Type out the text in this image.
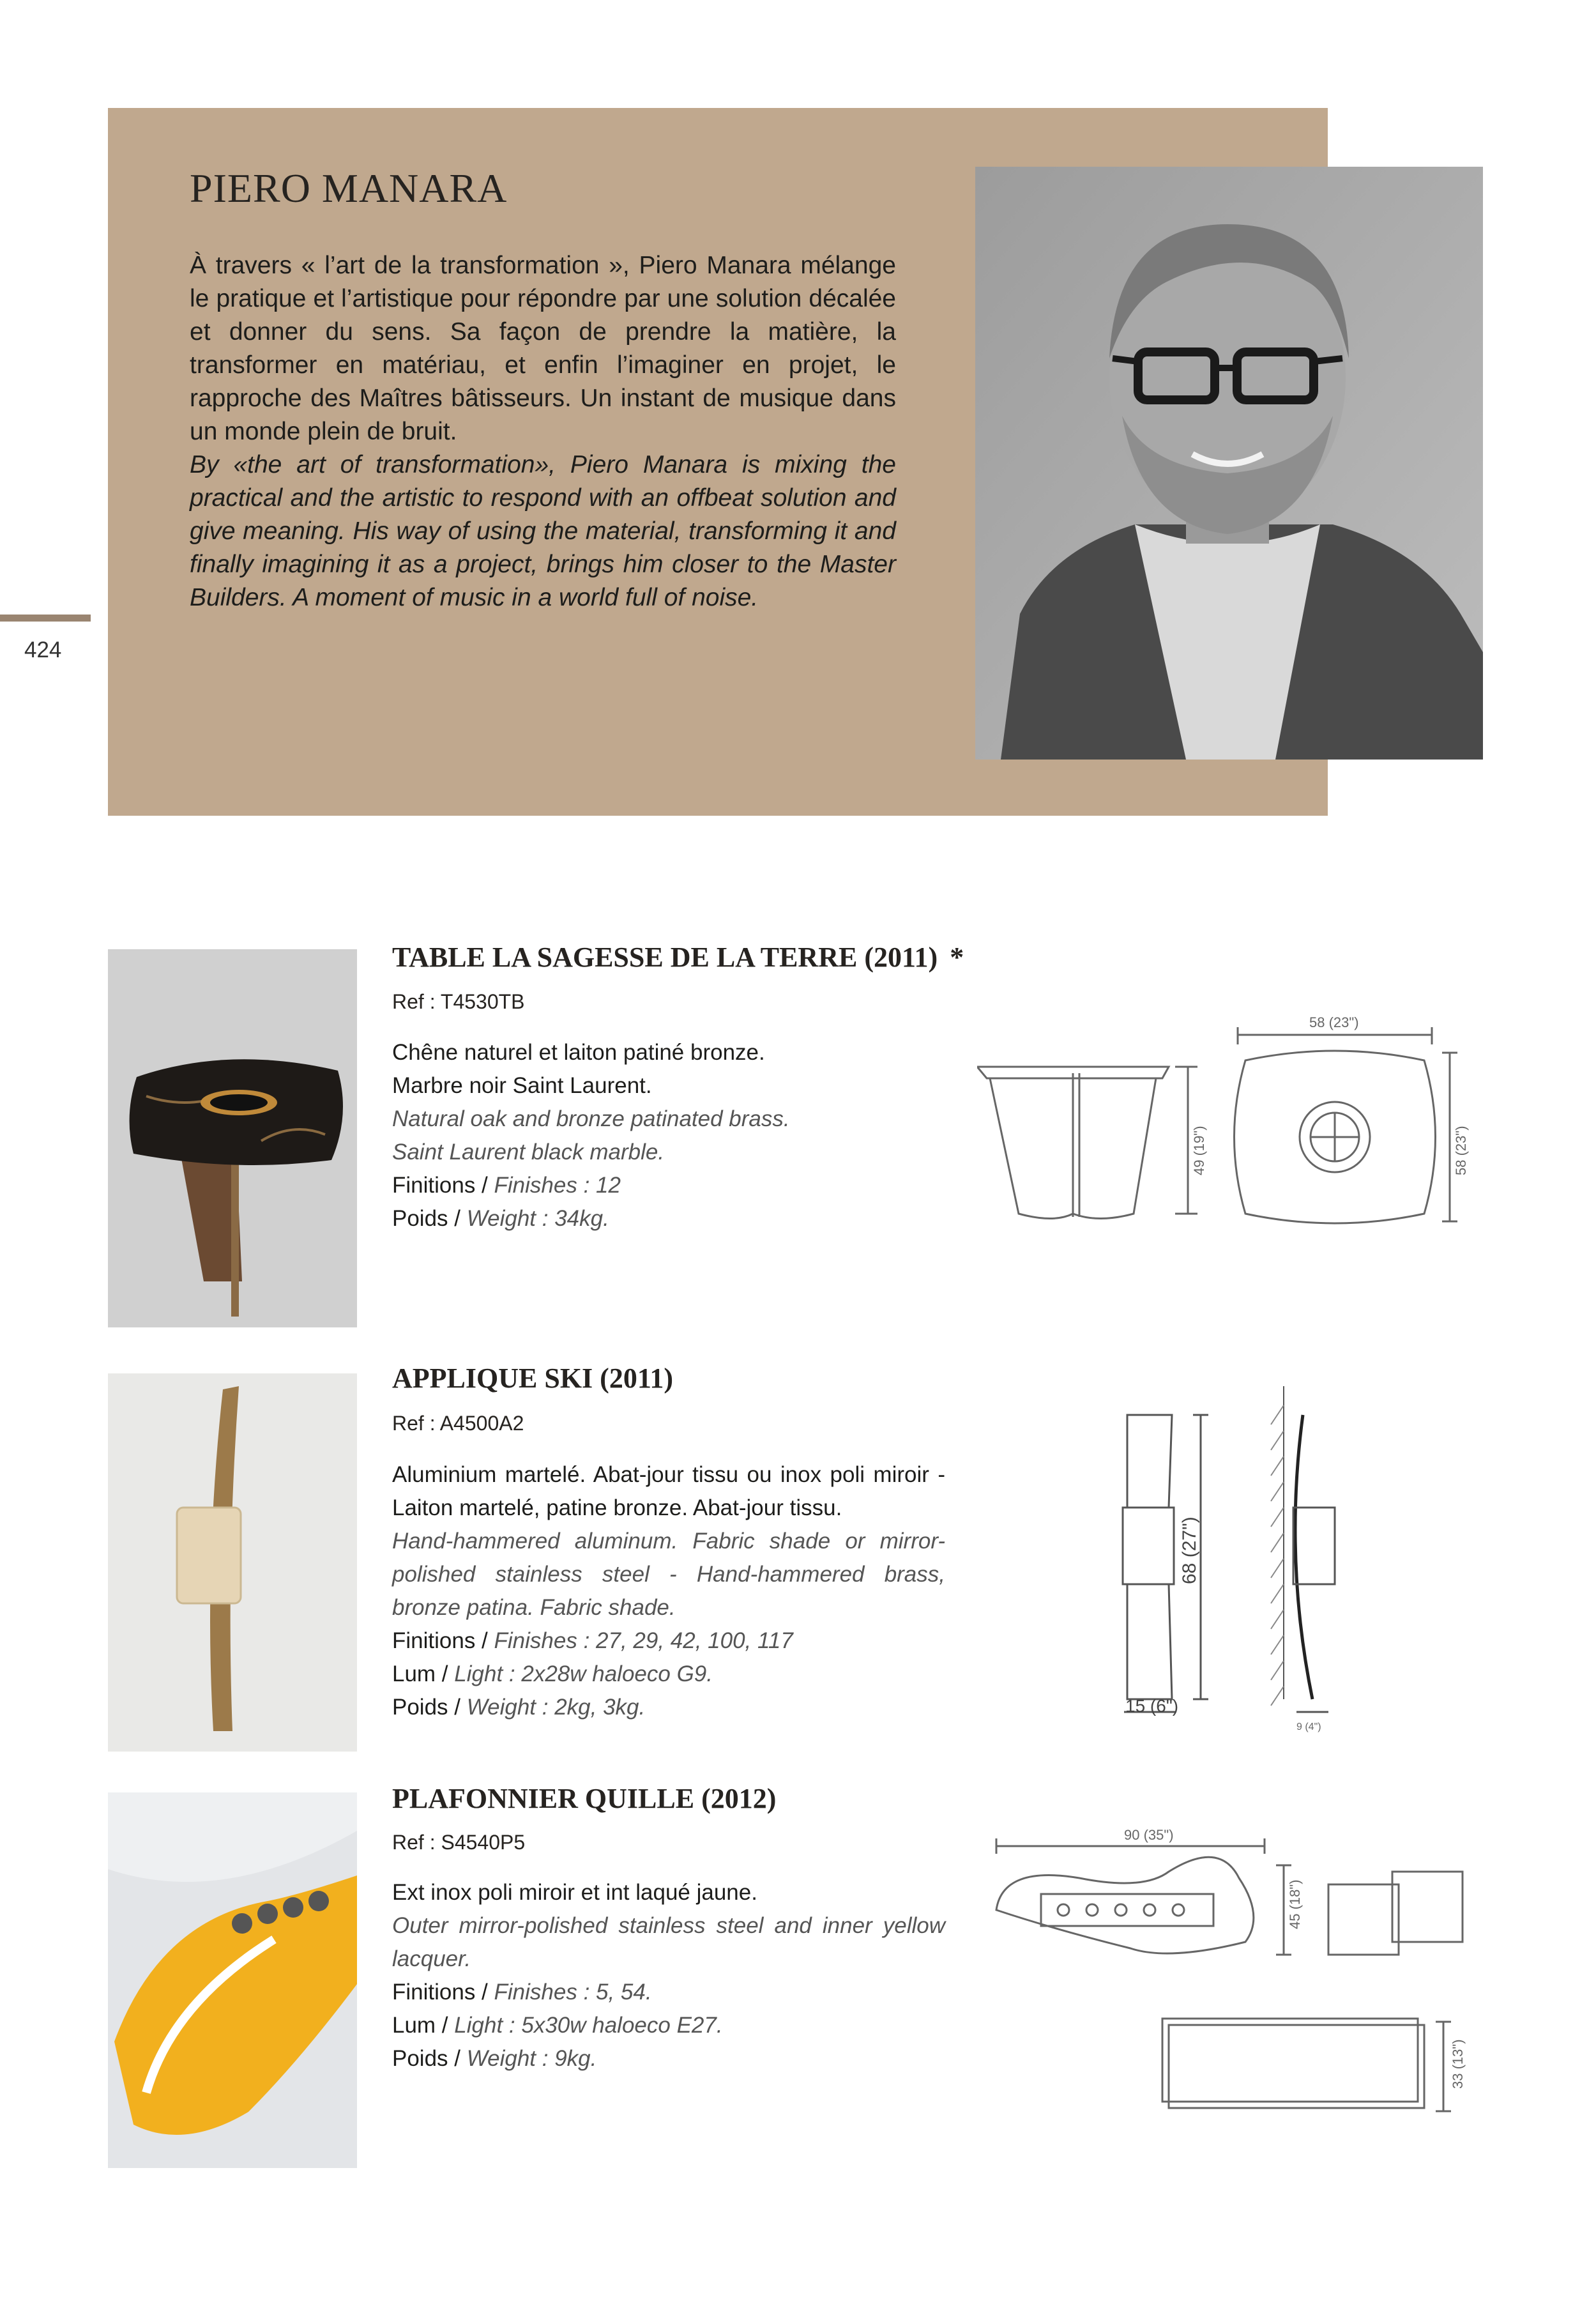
PIERO MANARA
À travers « l’art de la transformation », Piero Manara mélange le pratique et l’artistique pour répondre par une solution décalée et donner du sens. Sa façon de prendre la matière, la transformer en matériau, et enfin l’imaginer en projet, le rapproche des Maîtres bâtisseurs. Un instant de musique dans un monde plein de bruit.
By «the art of transformation», Piero Manara is mixing the practical and the artistic to respond with an offbeat solution and give meaning. His way of using the material, transforming it and finally imagining it as a project, brings him closer to the Master Builders. A moment of music in a world full of noise.
424
TABLE LA SAGESSE DE LA TERRE (2011) *
Ref : T4530TB
Chêne naturel et laiton patiné bronze.
Marbre noir Saint Laurent.
Natural oak and bronze patinated brass.
Saint Laurent black marble.
Finitions / Finishes : 12
Poids / Weight : 34kg.
58 (23")
49 (19")	58 (23")
APPLIQUE SKI (2011)
Ref : A4500A2
Aluminium martelé. Abat-jour tissu ou inox poli miroir - Laiton martelé, patine bronze. Abat-jour tissu.
Hand-hammered aluminum. Fabric shade or mirror-polished stainless steel - Hand-hammered brass, bronze patina. Fabric shade.
Finitions / Finishes : 27, 29, 42, 100, 117
Lum / Light : 2x28w haloeco G9.
Poids / Weight : 2kg, 3kg.
68 (27")
15 (6")
9 (4")
PLAFONNIER QUILLE (2012)
Ref : S4540P5
Ext inox poli miroir et int laqué jaune.
Outer mirror-polished stainless steel and inner yellow lacquer.
Finitions / Finishes : 5, 54.
Lum / Light : 5x30w haloeco E27.
Poids / Weight : 9kg.
90 (35")
45 (18")
33 (13")
